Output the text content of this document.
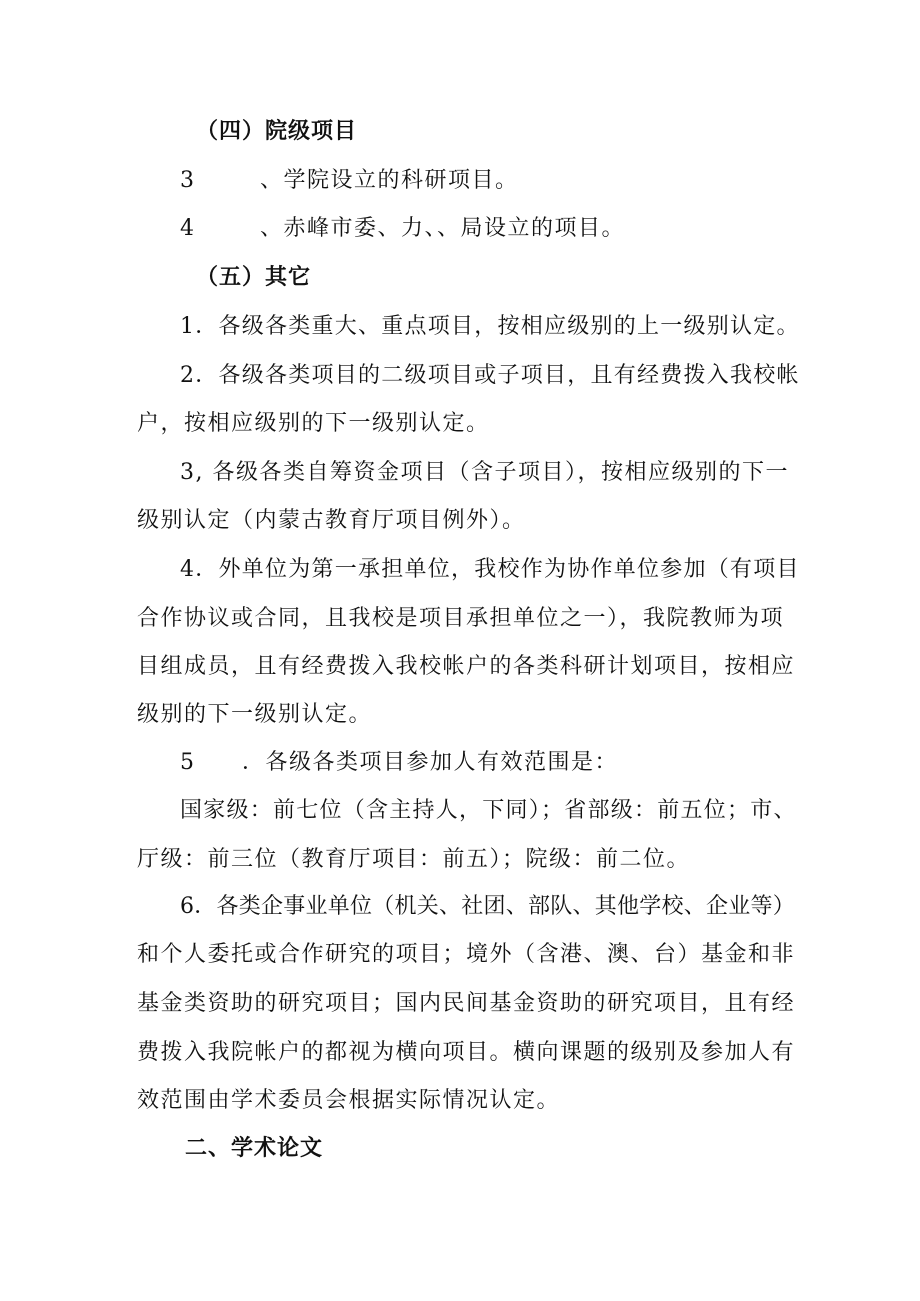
（四）院级项目
3	、学院设立的科研项目。
4	、赤峰市委、力、、局设立的项目。
（五）其它
1．各级各类重大、重点项目，按相应级别的上一级别认定。
2．各级各类项目的二级项目或子项目，且有经费拨入我校帐
户，按相应级别的下一级别认定。
3, 各级各类自筹资金项目（含子项目），按相应级别的下一
级别认定（内蒙古教育厅项目例外）。
4．外单位为第一承担单位，我校作为协作单位参加（有项目
合作协议或合同，且我校是项目承担单位之一），我院教师为项
目组成员，且有经费拨入我校帐户的各类科研计划项目，按相应
级别的下一级别认定。
5 ．各级各类项目参加人有效范围是：
国家级：前七位（含主持人，下同）；省部级：前五位；市、
厅级：前三位（教育厅项目：前五）；院级：前二位。
6．各类企事业单位（机关、社团、部队、其他学校、企业等）
和个人委托或合作研究的项目；境外（含港、澳、台）基金和非
基金类资助的研究项目；国内民间基金资助的研究项目，且有经
费拨入我院帐户的都视为横向项目。横向课题的级别及参加人有
效范围由学术委员会根据实际情况认定。
二、学术论文
